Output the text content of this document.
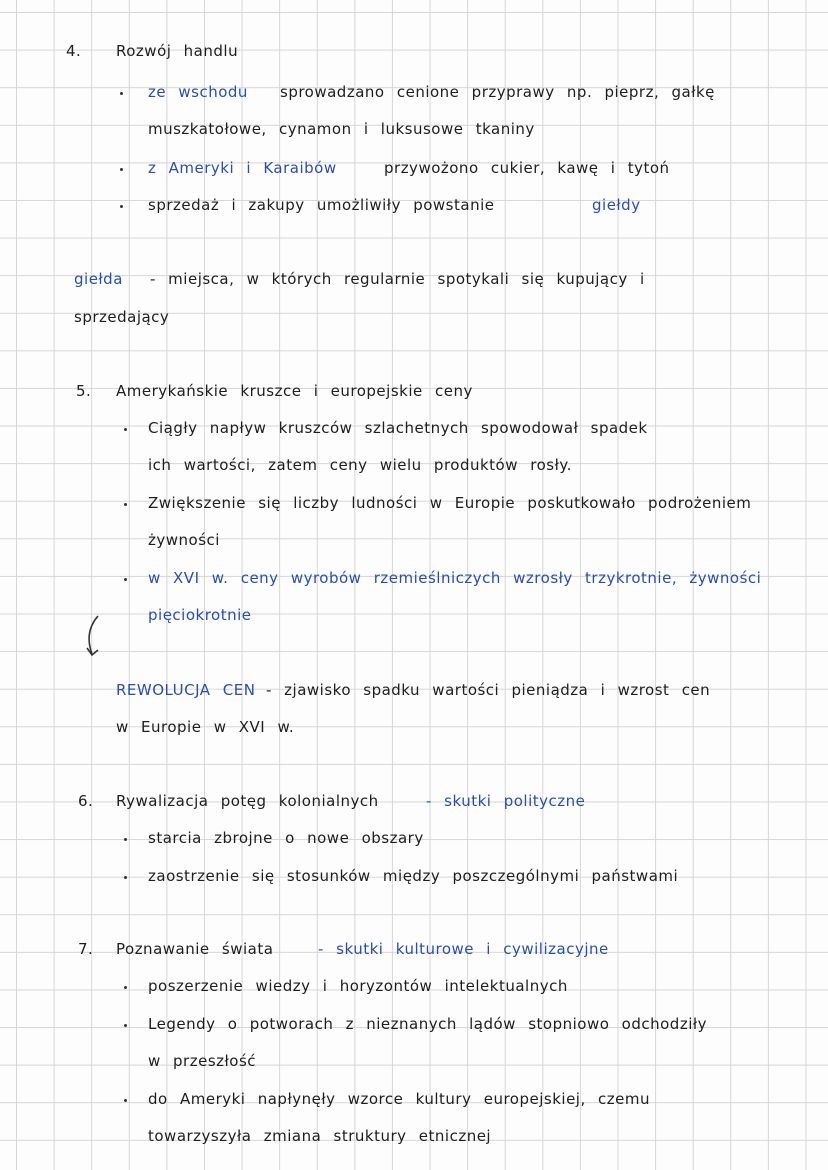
4. Rozwój handlu
ze wschodu sprowadzano cenione przyprawy np. pieprz, gałkę
muszkatołowe, cynamon i luksusowe tkaniny
z Ameryki i Karaibów	przywożono cukier, kawę i tytoń
sprzedaż i zakupy umożliwiły powstanie	giełdy
giełda - miejsca, w których regularnie spotykali się kupujący i
sprzedający
5. Amerykańskie kruszce i europejskie ceny
Ciągły napływ kruszców szlachetnych spowodował spadek
ich wartości, zatem ceny wielu produktów rosły.
Zwiększenie się liczby ludności w Europie poskutkowało podrożeniem
żywności
w XVI w. ceny wyrobów rzemieślniczych wzrosły trzykrotnie, żywności
pięciokrotnie
REWOLUCJA CEN - zjawisko spadku wartości pieniądza i wzrost cen
w Europie w XVI w.
6. Rywalizacja potęg kolonialnych	- skutki polityczne
starcia zbrojne o nowe obszary
zaostrzenie się stosunków między poszczególnymi państwami
7. Poznawanie świata	- skutki kulturowe i cywilizacyjne
poszerzenie wiedzy i horyzontów intelektualnych
Legendy o potworach z nieznanych lądów stopniowo odchodziły
w przeszłość
do Ameryki napłynęły wzorce kultury europejskiej, czemu
towarzyszyła zmiana struktury etnicznej
